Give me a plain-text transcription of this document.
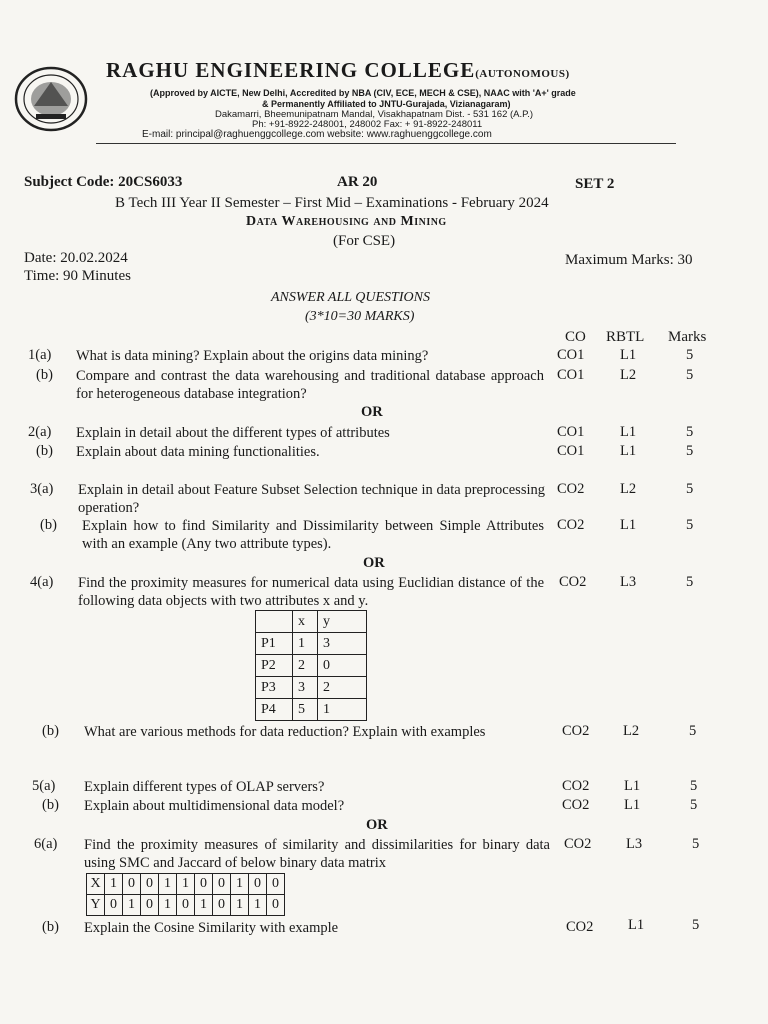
RAGHU ENGINEERING COLLEGE(AUTONOMOUS)
(Approved by AICTE, New Delhi, Accredited by NBA (CIV, ECE, MECH & CSE), NAAC with 'A+' grade
& Permanently Affiliated to JNTU-Gurajada, Vizianagaram)
Dakamarri, Bheemunipatnam Mandal, Visakhapatnam Dist. - 531 162 (A.P.)
Ph: +91-8922-248001, 248002 Fax: + 91-8922-248011
E-mail: principal@raghuenggcollege.com website: www.raghuenggcollege.com
Subject Code: 20CS6033	AR 20	SET 2
B Tech III Year II Semester – First Mid – Examinations - February 2024
Data Warehousing and Mining
(For CSE)
Date: 20.02.2024
Time: 90 Minutes
Maximum Marks: 30
ANSWER ALL QUESTIONS
(3*10=30 MARKS)
CO RBTL Marks
1(a) What is data mining? Explain about the origins data mining?	CO1 L1	5
(b) Compare and contrast the data warehousing and traditional database approach for heterogeneous database integration?
CO1 L2	5
OR
2(a) Explain in detail about the different types of attributes	CO1 L1	5
(b) Explain about data mining functionalities.	CO1 L1	5
3(a) Explain in detail about Feature Subset Selection technique in data preprocessing operation?
CO2 L2	5
(b) Explain how to find Similarity and Dissimilarity between Simple Attributes with an example (Any two attribute types).
CO2 L1	5
OR
4(a) Find the proximity measures for numerical data using Euclidian distance of the following data objects with two attributes x and y.
CO2 L3	5
	x	y
P1	1	3
P2	2	0
P3	3	2
P4	5	1
(b) What are various methods for data reduction? Explain with examples	CO2 L2	5
5(a) Explain different types of OLAP servers?	CO2 L1	5
(b) Explain about multidimensional data model?	CO2 L1	5
OR
6(a) Find the proximity measures of similarity and dissimilarities for binary data using SMC and Jaccard of below binary data matrix
CO2 L3	5
X	1	0	0	1	1	0	0	1	0	0
Y	0	1	0	1	0	1	0	1	1	0
(b) Explain the Cosine Similarity with example	CO2 L1	5
